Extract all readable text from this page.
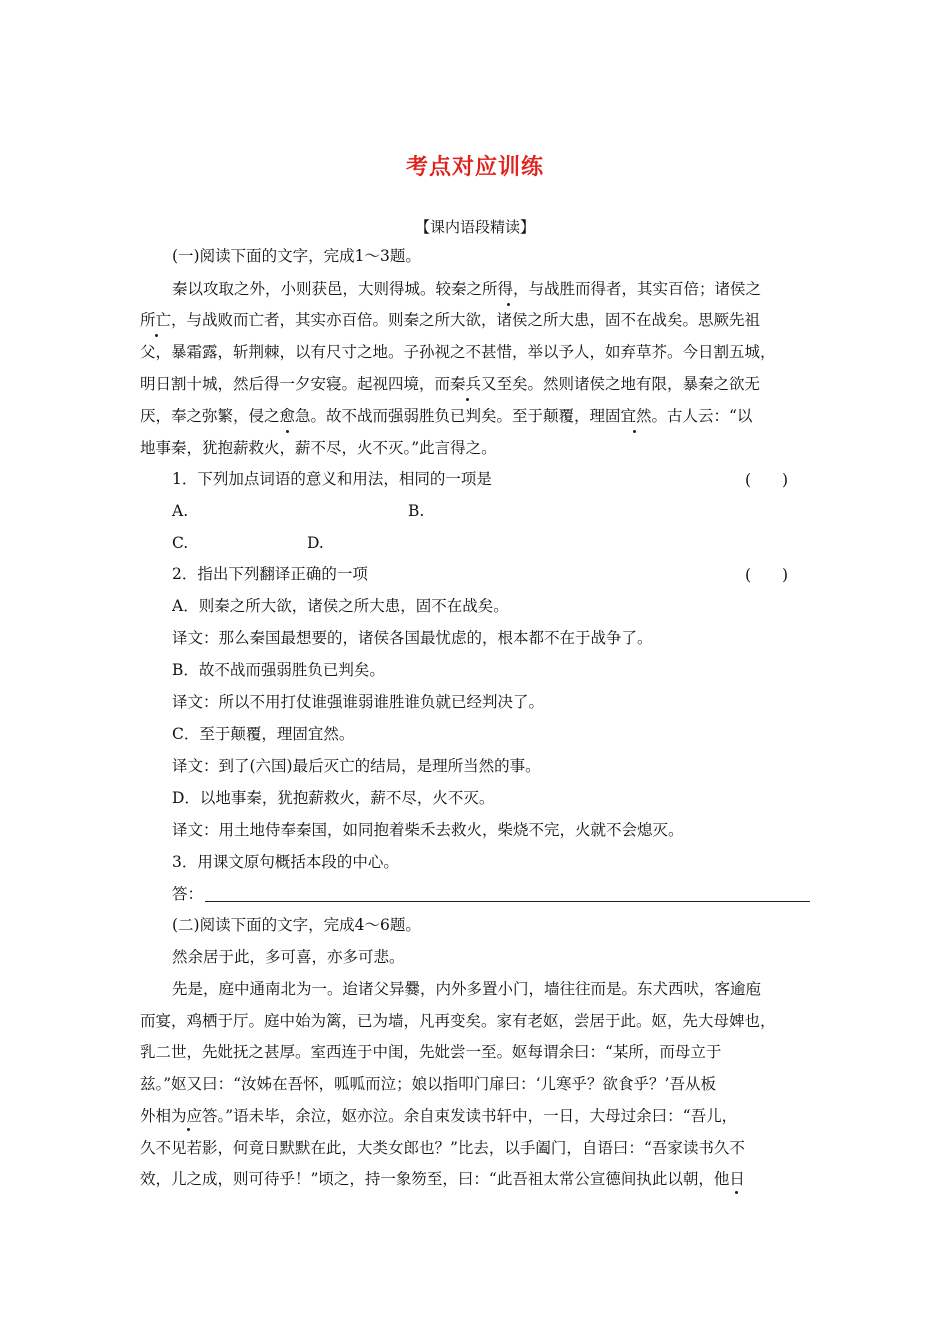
考点对应训练
【课内语段精读】
(一)阅读下面的文字，完成1～3题。
秦以攻取之外，小则获邑，大则得城。较秦之所得，与战胜而得者，其实百倍；诸侯之
所亡，与战败而亡者，其实亦百倍。则秦之所大欲，诸侯之所大患，固不在战矣。思厥先祖
父，暴霜露，斩荆棘，以有尺寸之地。子孙视之不甚惜，举以予人，如弃草芥。今日割五城，
明日割十城，然后得一夕安寝。起视四境，而秦兵又至矣。然则诸侯之地有限，暴秦之欲无
厌，奉之弥繁，侵之愈急。故不战而强弱胜负已判矣。至于颠覆，理固宜然。古人云：“以
地事秦，犹抱薪救火，薪不尽，火不灭。”此言得之。
1．下列加点词语的意义和用法，相同的一项是	(　　)
A.	B.
C.	D.
2．指出下列翻译正确的一项	(　　)
A．则秦之所大欲，诸侯之所大患，固不在战矣。
译文：那么秦国最想要的，诸侯各国最忧虑的，根本都不在于战争了。
B．故不战而强弱胜负已判矣。
译文：所以不用打仗谁强谁弱谁胜谁负就已经判决了。
C．至于颠覆，理固宜然。
译文：到了(六国)最后灭亡的结局，是理所当然的事。
D．以地事秦，犹抱薪救火，薪不尽，火不灭。
译文：用土地侍奉秦国，如同抱着柴禾去救火，柴烧不完，火就不会熄灭。
3．用课文原句概括本段的中心。
答：
(二)阅读下面的文字，完成4～6题。
然余居于此，多可喜，亦多可悲。
先是，庭中通南北为一。迨诸父异爨，内外多置小门，墙往往而是。东犬西吠，客逾庖
而宴，鸡栖于厅。庭中始为篱，已为墙，凡再变矣。家有老妪，尝居于此。妪，先大母婢也，
乳二世，先妣抚之甚厚。室西连于中闺，先妣尝一至。妪每谓余曰：“某所，而母立于
兹。”妪又曰：“汝姊在吾怀，呱呱而泣；娘以指叩门扉曰：‘儿寒乎？欲食乎？’吾从板
外相为应答。”语未毕，余泣，妪亦泣。余自束发读书轩中，一日，大母过余曰：“吾儿，
久不见若影，何竟日默默在此，大类女郎也？”比去，以手阖门，自语曰：“吾家读书久不
效，儿之成，则可待乎！”顷之，持一象笏至，曰：“此吾祖太常公宣德间执此以朝，他日
